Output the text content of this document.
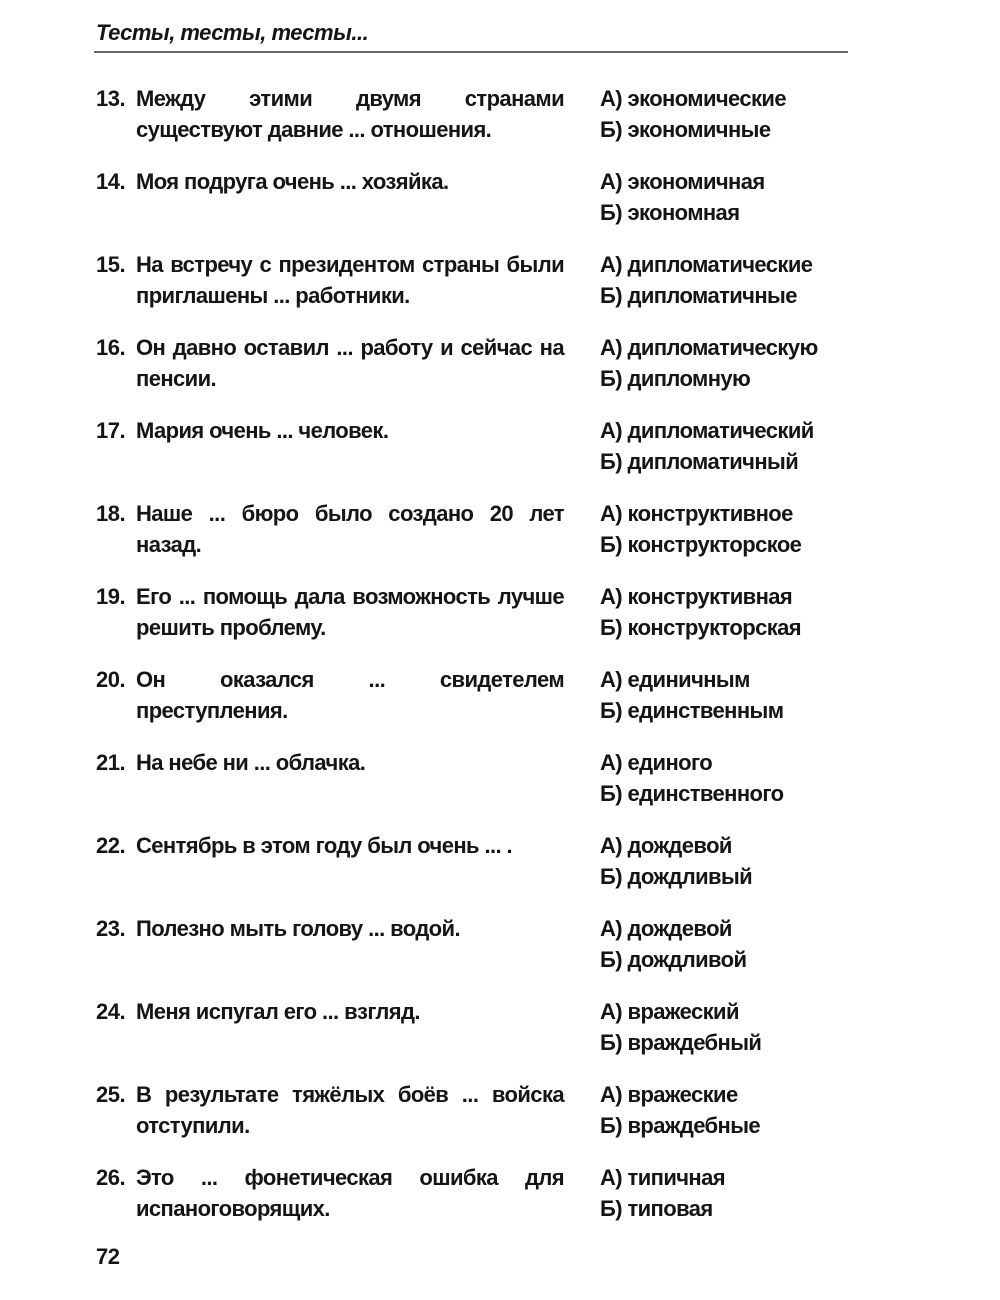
Тесты, тесты, тесты...
13. Между этими двумя странами существуют давние ... отношения.
А) экономические
Б) экономичные
14. Моя подруга очень ... хозяйка.	А) экономичная
Б) экономная
15. На встречу с президентом страны были приглашены ... работники.
А) дипломатические
Б) дипломатичные
16. Он давно оставил ... работу и сейчас на пенсии.
А) дипломатическую
Б) дипломную
17. Мария очень ... человек.	А) дипломатический
Б) дипломатичный
18. Наше ... бюро было создано 20 лет назад.
А) конструктивное
Б) конструкторское
19. Его ... помощь дала возможность лучше решить проблему.
А) конструктивная
Б) конструкторская
20. Он оказался ... свидетелем преступления.
А) единичным
Б) единственным
21. На небе ни ... облачка.	А) единого
Б) единственного
22. Сентябрь в этом году был очень ... .	А) дождевой
Б) дождливый
23. Полезно мыть голову ... водой.	А) дождевой
Б) дождливой
24. Меня испугал его ... взгляд.	А) вражеский
Б) враждебный
25. В результате тяжёлых боёв ... войска отступили.
А) вражеские
Б) враждебные
26. Это ... фонетическая ошибка для испаноговорящих.
А) типичная
Б) типовая
72
